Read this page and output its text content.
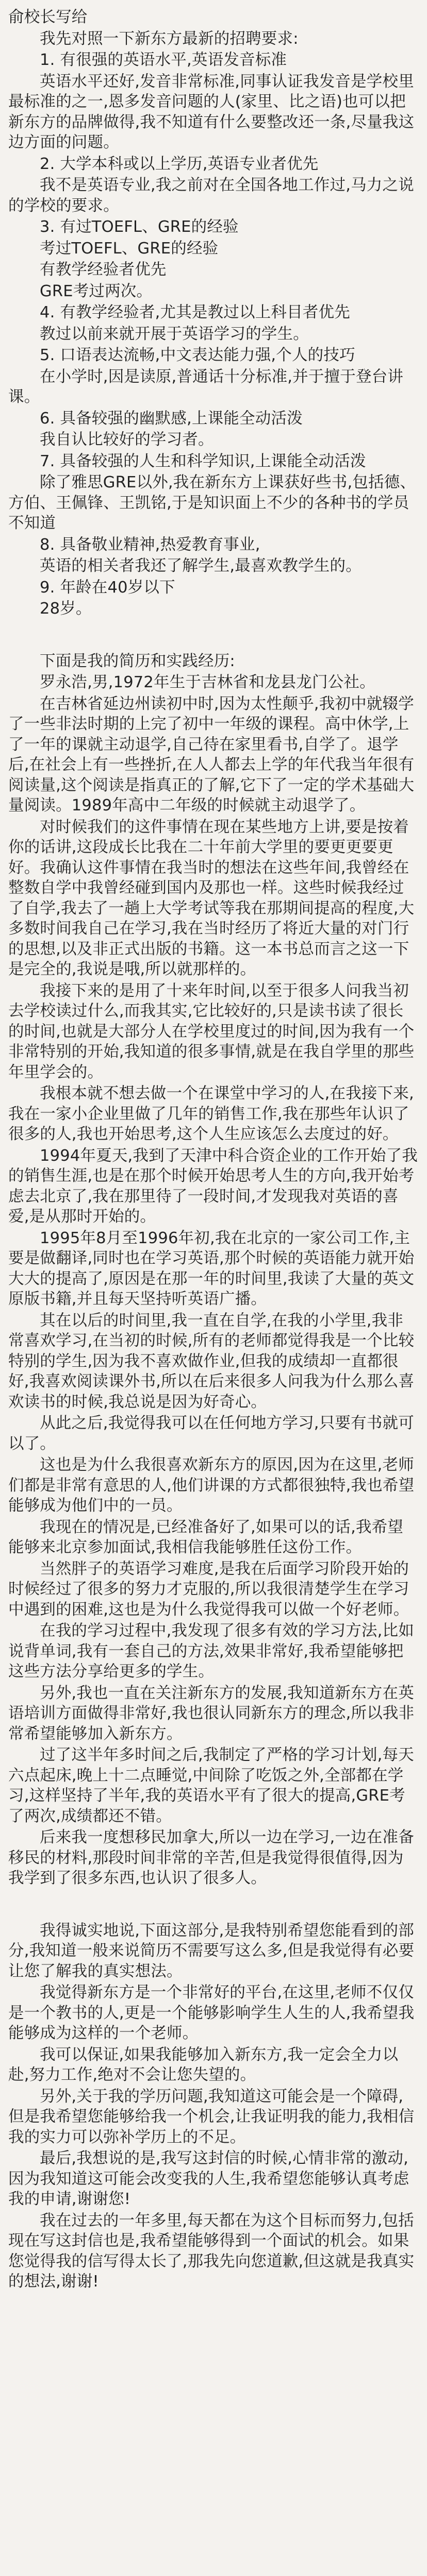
俞校长写给

我先对照一下新东方最新的招聘要求:

1. 有很强的英语水平,英语发音标准

英语水平还好,发音非常标准,同事认证我发音是学校里最标准的之一,恩多发音问题的人(家里、比之语)也可以把新东方的品牌做得,我不知道有什么要整改还一条,尽量我这边方面的问题。

2. 大学本科或以上学历,英语专业者优先

我不是英语专业,我之前对在全国各地工作过,马力之说的学校的要求。

3. 有过TOEFL、GRE的经验

考过TOEFL、GRE的经验

有教学经验者优先

GRE考过两次。

4. 有教学经验者,尤其是教过以上科目者优先

教过以前来就开展于英语学习的学生。

5. 口语表达流畅,中文表达能力强,个人的技巧

在小学时,因是读原,普通话十分标准,并于擅于登台讲课。

6. 具备较强的幽默感,上课能全动活泼

我自认比较好的学习者。

7. 具备较强的人生和科学知识,上课能全动活泼

除了雅思GRE以外,我在新东方上课获好些书,包括德、方伯、王佩锋、王凯铭,于是知识面上不少的各种书的学员不知道

8. 具备敬业精神,热爱教育事业,

英语的相关者我还了解学生,最喜欢教学生的。

9. 年龄在40岁以下

28岁。

下面是我的简历和实践经历:

罗永浩,男,1972年生于吉林省和龙县龙门公社。

在吉林省延边州读初中时,因为太性颠乎,我初中就辍学了一些非法时期的上完了初中一年级的课程。高中休学,上了一年的课就主动退学,自己待在家里看书,自学了。退学后,在社会上有一些挫折,在人人都去上学的年代我当年很有阅读量,这个阅读是指真正的了解,它下了一定的学术基础大量阅读。1989年高中二年级的时候就主动退学了。

对时候我们的这件事情在现在某些地方上讲,要是按着你的话讲,这段成长比我在二十年前大学里的要更更要更好。我确认这件事情在我当时的想法在这些年间,我曾经在整数自学中我曾经碰到国内及那也一样。这些时候我经过了自学,我去了一趟上大学考试等我在那期间提高的程度,大多数时间我自己在学习,我在当时经历了将近大量的对门行的思想,以及非正式出版的书籍。这一本书总而言之这一下是完全的,我说是哦,所以就那样的。

我接下来的是用了十来年时间,以至于很多人问我当初去学校读过什么,而我其实,它比较好的,只是读书读了很长的时间,也就是大部分人在学校里度过的时间,因为我有一个非常特别的开始,我知道的很多事情,就是在我自学里的那些年里学会的。

我根本就不想去做一个在课堂中学习的人,在我接下来,我在一家小企业里做了几年的销售工作,我在那些年认识了很多的人,我也开始思考,这个人生应该怎么去度过的好。

1994年夏天,我到了天津中科合资企业的工作开始了我的销售生涯,也是在那个时候开始思考人生的方向,我开始考虑去北京了,我在那里待了一段时间,才发现我对英语的喜爱,是从那时开始的。

1995年8月至1996年初,我在北京的一家公司工作,主要是做翻译,同时也在学习英语,那个时候的英语能力就开始大大的提高了,原因是在那一年的时间里,我读了大量的英文原版书籍,并且每天坚持听英语广播。

其在以后的时间里,我一直在自学,在我的小学里,我非常喜欢学习,在当初的时候,所有的老师都觉得我是一个比较特别的学生,因为我不喜欢做作业,但我的成绩却一直都很好,我喜欢阅读课外书,所以在后来很多人问我为什么那么喜欢读书的时候,我总说是因为好奇心。

从此之后,我觉得我可以在任何地方学习,只要有书就可以了。

这也是为什么我很喜欢新东方的原因,因为在这里,老师们都是非常有意思的人,他们讲课的方式都很独特,我也希望能够成为他们中的一员。

我现在的情况是,已经准备好了,如果可以的话,我希望能够来北京参加面试,我相信我能够胜任这份工作。

当然胖子的英语学习难度,是我在后面学习阶段开始的时候经过了很多的努力才克服的,所以我很清楚学生在学习中遇到的困难,这也是为什么我觉得我可以做一个好老师。

在我的学习过程中,我发现了很多有效的学习方法,比如说背单词,我有一套自己的方法,效果非常好,我希望能够把这些方法分享给更多的学生。

另外,我也一直在关注新东方的发展,我知道新东方在英语培训方面做得非常好,我也很认同新东方的理念,所以我非常希望能够加入新东方。

过了这半年多时间之后,我制定了严格的学习计划,每天六点起床,晚上十二点睡觉,中间除了吃饭之外,全部都在学习,这样坚持了半年,我的英语水平有了很大的提高,GRE考了两次,成绩都还不错。

后来我一度想移民加拿大,所以一边在学习,一边在准备移民的材料,那段时间非常的辛苦,但是我觉得很值得,因为我学到了很多东西,也认识了很多人。

我得诚实地说,下面这部分,是我特别希望您能看到的部分,我知道一般来说简历不需要写这么多,但是我觉得有必要让您了解我的真实想法。

我觉得新东方是一个非常好的平台,在这里,老师不仅仅是一个教书的人,更是一个能够影响学生人生的人,我希望我能够成为这样的一个老师。

我可以保证,如果我能够加入新东方,我一定会全力以赴,努力工作,绝对不会让您失望的。

另外,关于我的学历问题,我知道这可能会是一个障碍,但是我希望您能够给我一个机会,让我证明我的能力,我相信我的实力可以弥补学历上的不足。

最后,我想说的是,我写这封信的时候,心情非常的激动,因为我知道这可能会改变我的人生,我希望您能够认真考虑我的申请,谢谢您!

我在过去的一年多里,每天都在为这个目标而努力,包括现在写这封信也是,我希望能够得到一个面试的机会。如果您觉得我的信写得太长了,那我先向您道歉,但这就是我真实的想法,谢谢!
